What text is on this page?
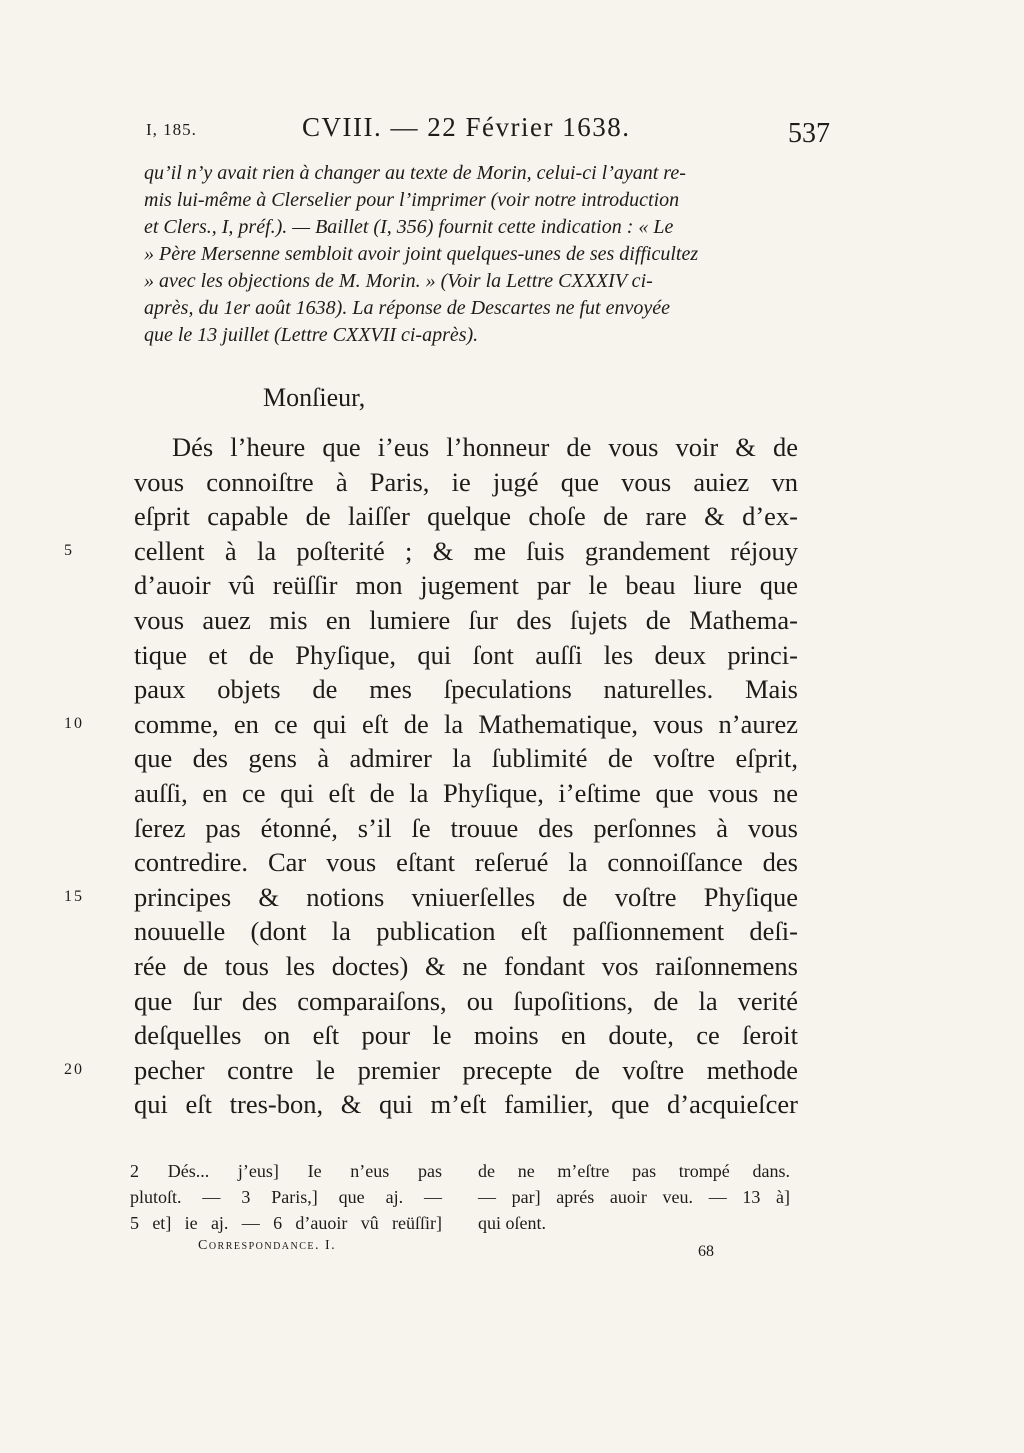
I, 185.	CVIII. — 22 Février 1638.	537
qu’il n’y avait rien à changer au texte de Morin, celui-ci l’ayant re-
mis lui-même à Clerselier pour l’imprimer (voir notre introduction
et Clers., I, préf.). — Baillet (I, 356) fournit cette indication : « Le
» Père Mersenne sembloit avoir joint quelques-unes de ses difficultez
» avec les objections de M. Morin. » (Voir la Lettre CXXXIV ci-
après, du 1er août 1638). La réponse de Descartes ne fut envoyée
que le 13 juillet (Lettre CXXVII ci-après).
Monſieur,
Dés l’heure que i’eus l’honneur de vous voir & de
vous connoiſtre à Paris, ie jugé que vous auiez vn
eſprit capable de laiſſer quelque choſe de rare & d’ex-
5	cellent à la poſterité ; & me ſuis grandement réjouy
d’auoir vû reüſſir mon jugement par le beau liure que
vous auez mis en lumiere ſur des ſujets de Mathema-
tique et de Phyſique, qui ſont auſſi les deux princi-
paux objets de mes ſpeculations naturelles. Mais
10	comme, en ce qui eſt de la Mathematique, vous n’aurez
que des gens à admirer la ſublimité de voſtre eſprit,
auſſi, en ce qui eſt de la Phyſique, i’eſtime que vous ne
ſerez pas étonné, s’il ſe trouue des perſonnes à vous
contredire. Car vous eſtant reſerué la connoiſſance des
15	principes & notions vniuerſelles de voſtre Phyſique
nouuelle (dont la publication eſt paſſionnement deſi-
rée de tous les doctes) & ne fondant vos raiſonnemens
que ſur des comparaiſons, ou ſupoſitions, de la verité
deſquelles on eſt pour le moins en doute, ce ſeroit
20	pecher contre le premier precepte de voſtre methode
qui eſt tres-bon, & qui m’eſt familier, que d’acquieſcer
2 Dés... j’eus] Ie n’eus pas
plutoſt. — 3 Paris,] que aj. —
5 et] ie aj. — 6 d’auoir vû reüſſir]
de ne m’eſtre pas trompé dans.
— par] aprés auoir veu. — 13 à]
qui oſent.
Correspondance. I.	68
